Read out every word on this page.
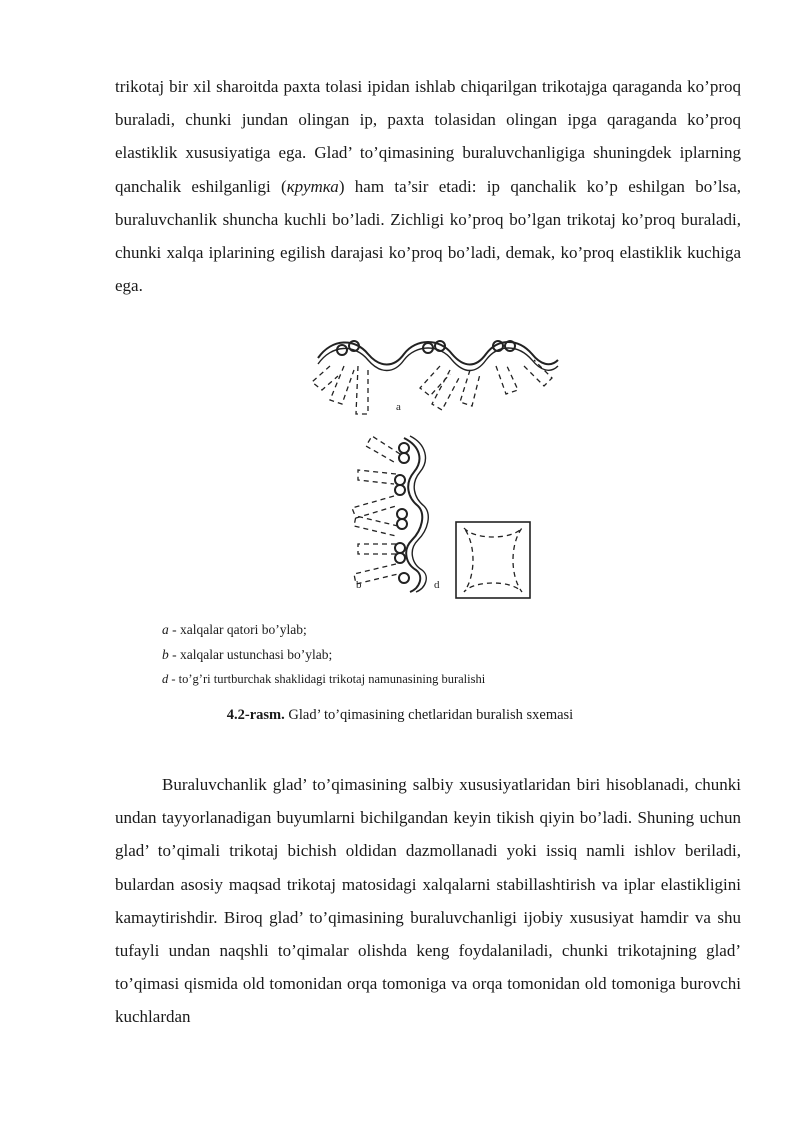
trikotaj bir xil sharoitda paxta tolasi ipidan ishlab chiqarilgan trikotajga qaraganda ko’proq buraladi, chunki jundan olingan ip, paxta tolasidan olingan ipga qaraganda ko’proq elastiklik xususiyatiga ega. Glad’ to’qimasining buraluvchanligiga shuningdek iplarning qanchalik eshilganligi (крутка) ham ta’sir etadi: ip qanchalik ko’p eshilgan bo’lsa, buraluvchanlik shuncha kuchli bo’ladi. Zichligi ko’proq bo’lgan trikotaj ko’proq buraladi, chunki xalqa iplarining egilish darajasi ko’proq bo’ladi, demak, ko’proq elastiklik kuchiga ega.

a
b	d
a - xalqalar qatori bo’ylab;
b - xalqalar ustunchasi bo’ylab;
d - to’g’ri turtburchak shaklidagi trikotaj namunasining buralishi
4.2-rasm. Glad’ to’qimasining chetlaridan buralish sxemasi

Buraluvchanlik glad’ to’qimasining salbiy xususiyatlaridan biri hisoblanadi, chunki undan tayyorlanadigan buyumlarni bichilgandan keyin tikish qiyin bo’ladi. Shuning uchun glad’ to’qimali trikotaj bichish oldidan dazmollanadi yoki issiq namli ishlov beriladi, bulardan asosiy maqsad trikotaj matosidagi xalqalarni stabillashtirish va iplar elastikligini kamaytirishdir. Biroq glad’ to’qimasining buraluvchanligi ijobiy xususiyat hamdir va shu tufayli undan naqshli to’qimalar olishda keng foydalaniladi, chunki trikotajning glad’ to’qimasi qismida old tomonidan orqa tomoniga va orqa tomonidan old tomoniga burovchi kuchlardan
